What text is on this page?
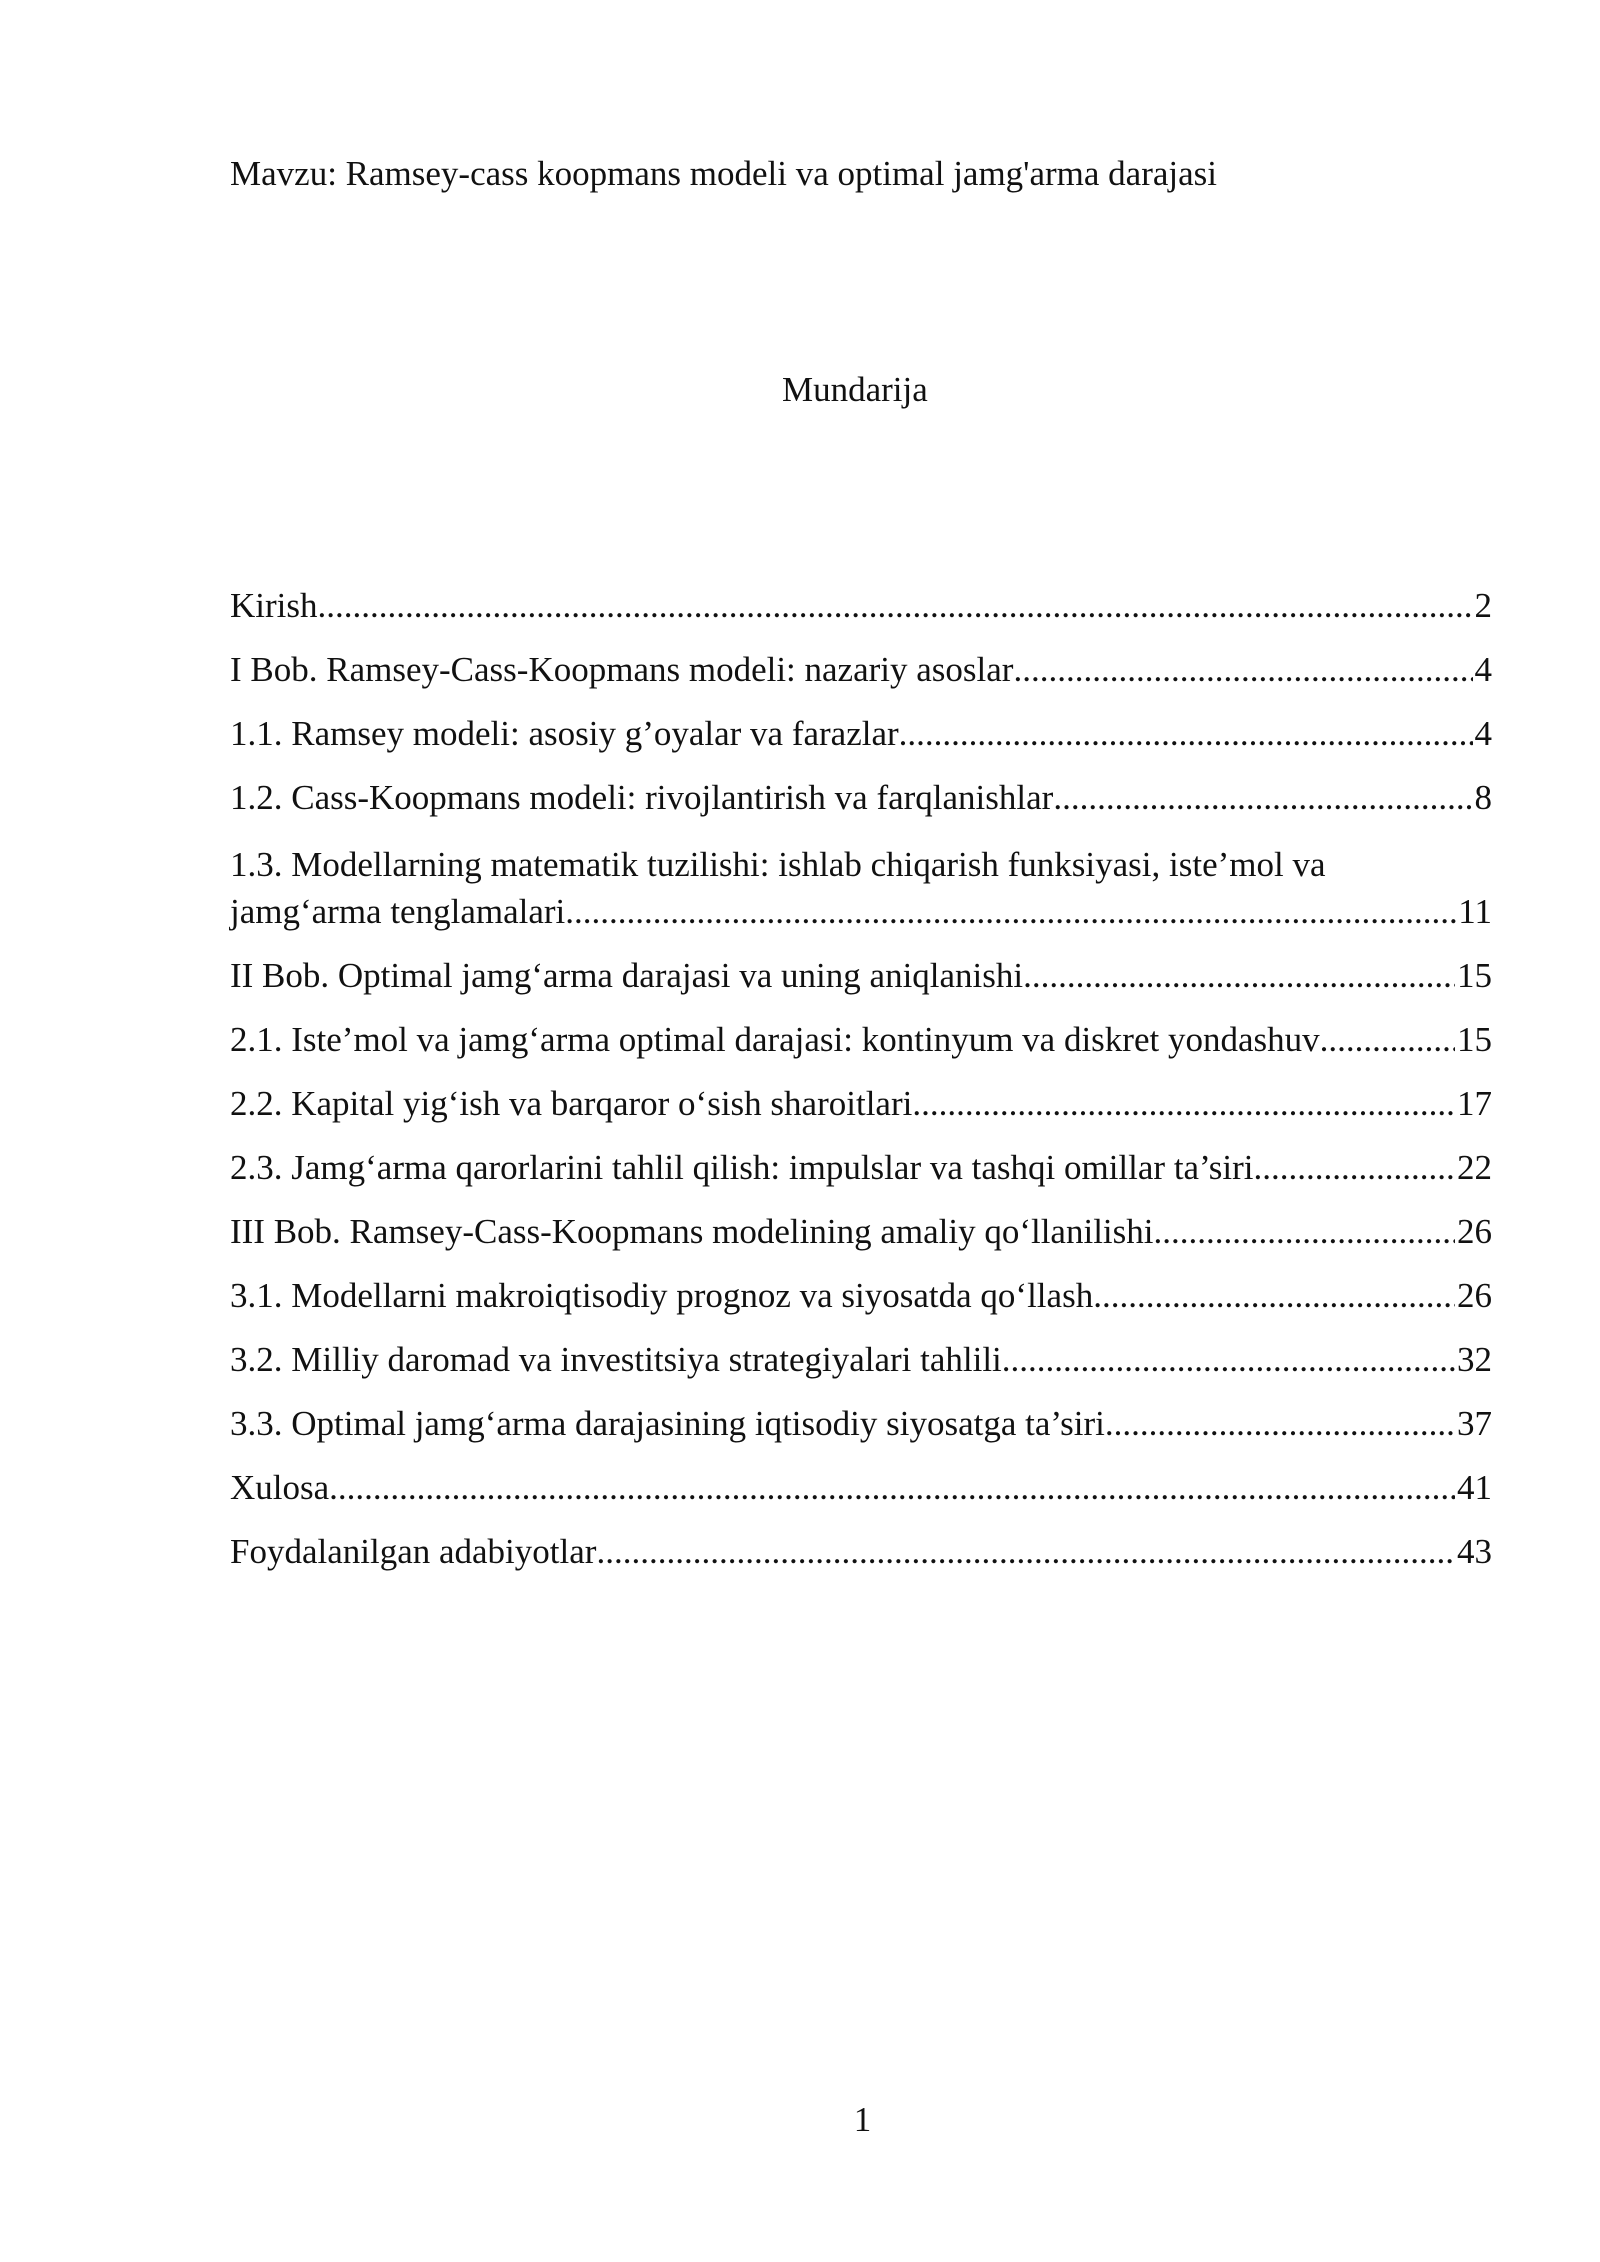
Mavzu: Ramsey-cass koopmans modeli va optimal jamg'arma darajasi
Mundarija
Kirish .....	2
I Bob. Ramsey-Cass-Koopmans modeli: nazariy asoslar .....	4
1.1. Ramsey modeli: asosiy g’oyalar va farazlar .....	4
1.2. Cass-Koopmans modeli: rivojlantirish va farqlanishlar .....	8
1.3. Modellarning matematik tuzilishi: ishlab chiqarish funksiyasi, iste’mol va
jamg‘arma tenglamalari .....	11
II Bob. Optimal jamg‘arma darajasi va uning aniqlanishi .....	15
2.1. Iste’mol va jamg‘arma optimal darajasi: kontinyum va diskret yondashuv .....	15
2.2. Kapital yig‘ish va barqaror o‘sish sharoitlari .....	17
2.3. Jamg‘arma qarorlarini tahlil qilish: impulslar va tashqi omillar ta’siri .....	22
III Bob. Ramsey-Cass-Koopmans modelining amaliy qo‘llanilishi .....	26
3.1. Modellarni makroiqtisodiy prognoz va siyosatda qo‘llash .....	26
3.2. Milliy daromad va investitsiya strategiyalari tahlili .....	32
3.3. Optimal jamg‘arma darajasining iqtisodiy siyosatga ta’siri .....	37
Xulosa .....	41
Foydalanilgan adabiyotlar .....	43
1
